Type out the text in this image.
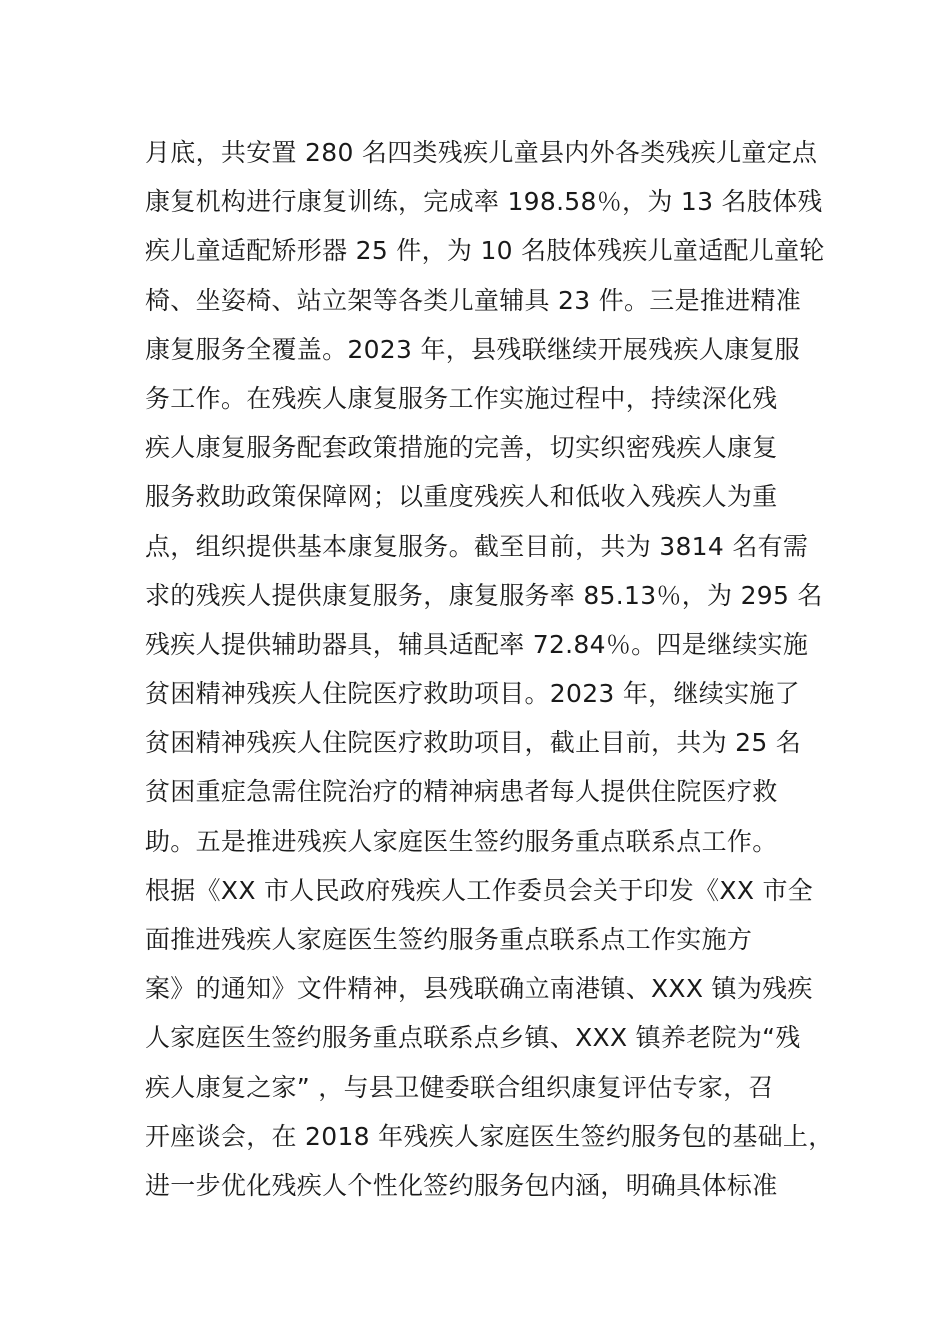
月底，共安置 280 名四类残疾儿童县内外各类残疾儿童定点
康复机构进行康复训练，完成率 198.58％，为 13 名肢体残
疾儿童适配矫形器 25 件，为 10 名肢体残疾儿童适配儿童轮
椅、坐姿椅、站立架等各类儿童辅具 23 件。三是推进精准
康复服务全覆盖。2023 年，县残联继续开展残疾人康复服
务工作。在残疾人康复服务工作实施过程中，持续深化残
疾人康复服务配套政策措施的完善，切实织密残疾人康复
服务救助政策保障网；以重度残疾人和低收入残疾人为重
点，组织提供基本康复服务。截至目前，共为 3814 名有需
求的残疾人提供康复服务，康复服务率 85.13％，为 295 名
残疾人提供辅助器具，辅具适配率 72.84％。四是继续实施
贫困精神残疾人住院医疗救助项目。2023 年，继续实施了
贫困精神残疾人住院医疗救助项目，截止目前，共为 25 名
贫困重症急需住院治疗的精神病患者每人提供住院医疗救
助。五是推进残疾人家庭医生签约服务重点联系点工作。
根据《XX 市人民政府残疾人工作委员会关于印发《XX 市全
面推进残疾人家庭医生签约服务重点联系点工作实施方
案》的通知》文件精神，县残联确立南港镇、XXX 镇为残疾
人家庭医生签约服务重点联系点乡镇、XXX 镇养老院为“残
疾人康复之家” ，与县卫健委联合组织康复评估专家，召
开座谈会，在 2018 年残疾人家庭医生签约服务包的基础上，
进一步优化残疾人个性化签约服务包内涵，明确具体标准
